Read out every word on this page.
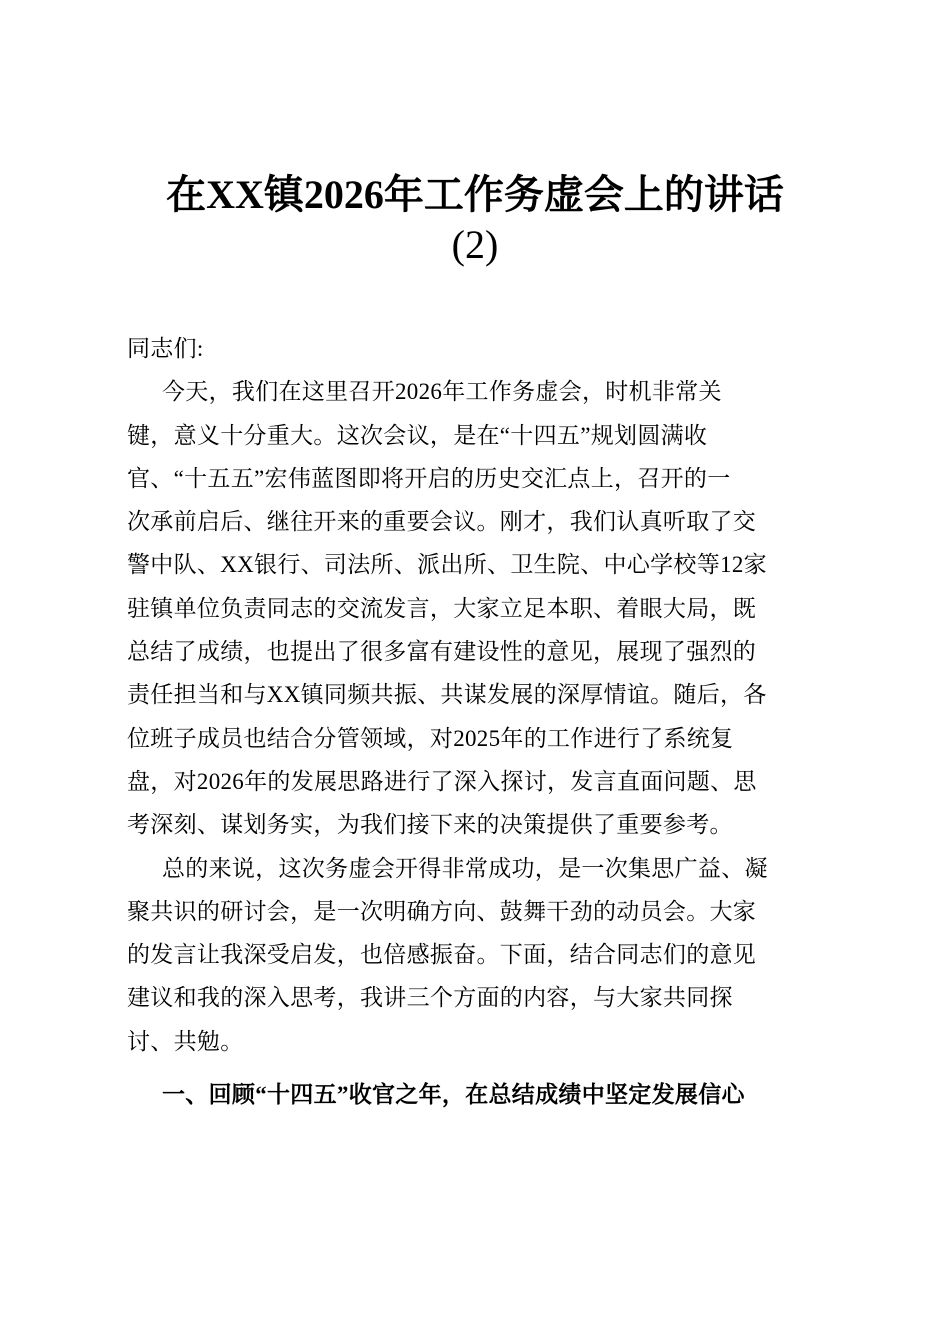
在XX镇2026年工作务虚会上的讲话
(2)
同志们:
今天，我们在这里召开2026年工作务虚会，时机非常关
键，意义十分重大。这次会议，是在“十四五”规划圆满收
官、“十五五”宏伟蓝图即将开启的历史交汇点上，召开的一
次承前启后、继往开来的重要会议。刚才，我们认真听取了交
警中队、XX银行、司法所、派出所、卫生院、中心学校等12家
驻镇单位负责同志的交流发言，大家立足本职、着眼大局，既
总结了成绩，也提出了很多富有建设性的意见，展现了强烈的
责任担当和与XX镇同频共振、共谋发展的深厚情谊。随后，各
位班子成员也结合分管领域，对2025年的工作进行了系统复
盘，对2026年的发展思路进行了深入探讨，发言直面问题、思
考深刻、谋划务实，为我们接下来的决策提供了重要参考。
总的来说，这次务虚会开得非常成功，是一次集思广益、凝
聚共识的研讨会，是一次明确方向、鼓舞干劲的动员会。大家
的发言让我深受启发，也倍感振奋。下面，结合同志们的意见
建议和我的深入思考，我讲三个方面的内容，与大家共同探
讨、共勉。
一、回顾“十四五”收官之年，在总结成绩中坚定发展信心
